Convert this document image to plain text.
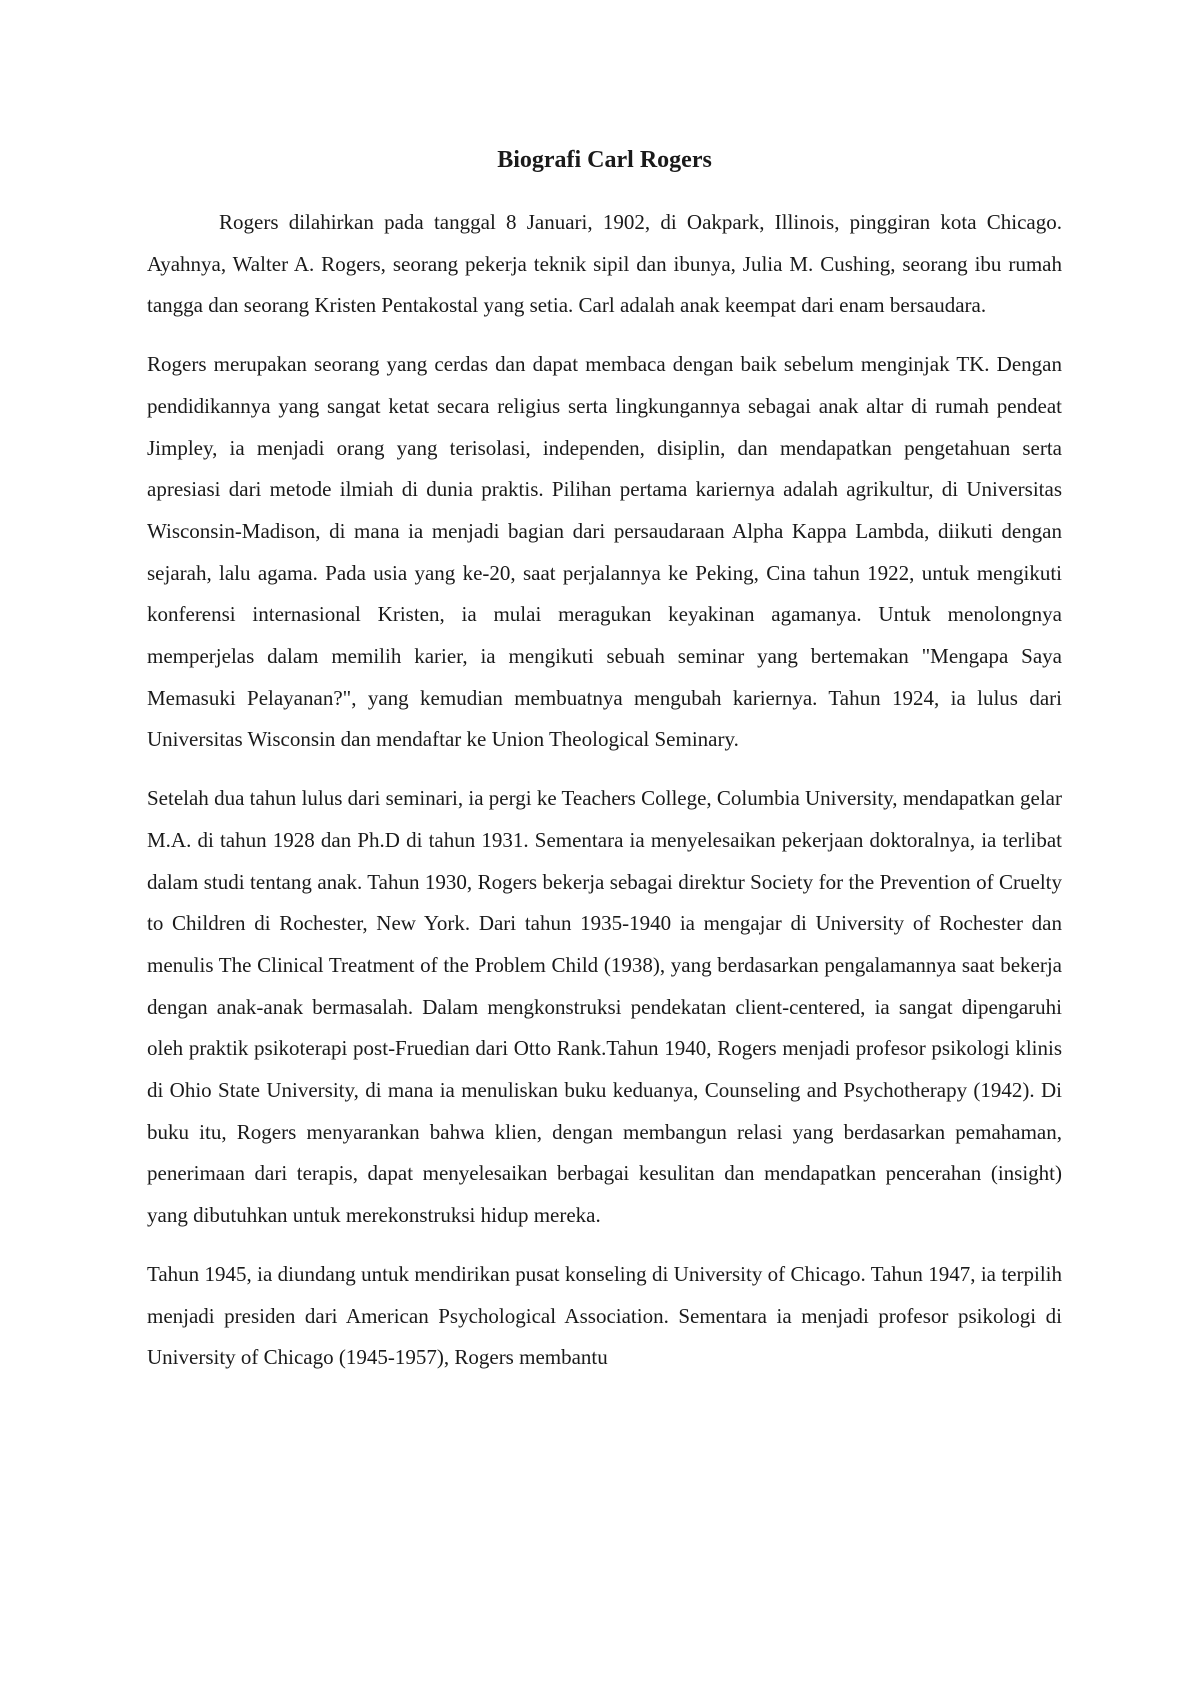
Biografi Carl Rogers

Rogers dilahirkan pada tanggal 8 Januari, 1902, di Oakpark, Illinois, pinggiran kota Chicago. Ayahnya, Walter A. Rogers, seorang pekerja teknik sipil dan ibunya, Julia M. Cushing, seorang ibu rumah tangga dan seorang Kristen Pentakostal yang setia. Carl adalah anak keempat dari enam bersaudara.

Rogers merupakan seorang yang cerdas dan dapat membaca dengan baik sebelum menginjak TK. Dengan pendidikannya yang sangat ketat secara religius serta lingkungannya sebagai anak altar di rumah pendeat Jimpley, ia menjadi orang yang terisolasi, independen, disiplin, dan mendapatkan pengetahuan serta apresiasi dari metode ilmiah di dunia praktis. Pilihan pertama kariernya adalah agrikultur, di Universitas Wisconsin-Madison, di mana ia menjadi bagian dari persaudaraan Alpha Kappa Lambda, diikuti dengan sejarah, lalu agama. Pada usia yang ke-20, saat perjalannya ke Peking, Cina tahun 1922, untuk mengikuti konferensi internasional Kristen, ia mulai meragukan keyakinan agamanya. Untuk menolongnya memperjelas dalam memilih karier, ia mengikuti sebuah seminar yang bertemakan "Mengapa Saya Memasuki Pelayanan?", yang kemudian membuatnya mengubah kariernya. Tahun 1924, ia lulus dari Universitas Wisconsin dan mendaftar ke Union Theological Seminary.

Setelah dua tahun lulus dari seminari, ia pergi ke Teachers College, Columbia University, mendapatkan gelar M.A. di tahun 1928 dan Ph.D di tahun 1931. Sementara ia menyelesaikan pekerjaan doktoralnya, ia terlibat dalam studi tentang anak. Tahun 1930, Rogers bekerja sebagai direktur Society for the Prevention of Cruelty to Children di Rochester, New York. Dari tahun 1935-1940 ia mengajar di University of Rochester dan menulis The Clinical Treatment of the Problem Child (1938), yang berdasarkan pengalamannya saat bekerja dengan anak-anak bermasalah. Dalam mengkonstruksi pendekatan client-centered, ia sangat dipengaruhi oleh praktik psikoterapi post-Fruedian dari Otto Rank.Tahun 1940, Rogers menjadi profesor psikologi klinis di Ohio State University, di mana ia menuliskan buku keduanya, Counseling and Psychotherapy (1942). Di buku itu, Rogers menyarankan bahwa klien, dengan membangun relasi yang berdasarkan pemahaman, penerimaan dari terapis, dapat menyelesaikan berbagai kesulitan dan mendapatkan pencerahan (insight) yang dibutuhkan untuk merekonstruksi hidup mereka.

Tahun 1945, ia diundang untuk mendirikan pusat konseling di University of Chicago. Tahun 1947, ia terpilih menjadi presiden dari American Psychological Association. Sementara ia menjadi profesor psikologi di University of Chicago (1945-1957), Rogers membantu
